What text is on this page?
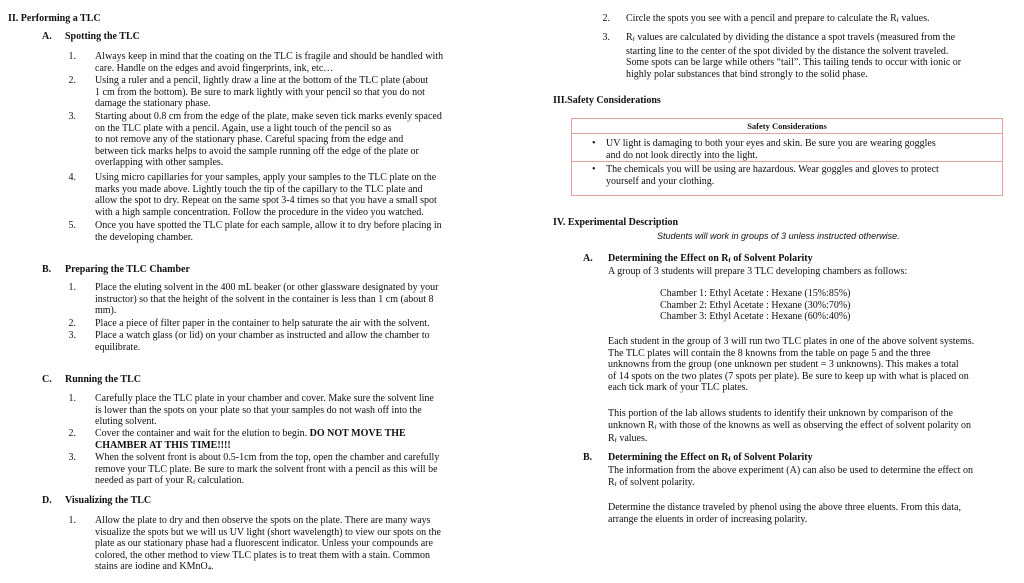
II. Performing a TLC
A. Spotting the TLC
1. Always keep in mind that the coating on the TLC is fragile and should be handled with
care. Handle on the edges and avoid fingerprints, ink, etc…
2. Using a ruler and a pencil, lightly draw a line at the bottom of the TLC plate (about
1 cm from the bottom). Be sure to mark lightly with your pencil so that you do not
damage the stationary phase.
3. Starting about 0.8 cm from the edge of the plate, make seven tick marks evenly spaced
on the TLC plate with a pencil. Again, use a light touch of the pencil so as
to not remove any of the stationary phase. Careful spacing from the edge and
between tick marks helps to avoid the sample running off the edge of the plate or
overlapping with other samples.
4. Using micro capillaries for your samples, apply your samples to the TLC plate on the
marks you made above. Lightly touch the tip of the capillary to the TLC plate and
allow the spot to dry. Repeat on the same spot 3-4 times so that you have a small spot
with a high sample concentration. Follow the procedure in the video you watched.
5. Once you have spotted the TLC plate for each sample, allow it to dry before placing in
the developing chamber.
B. Preparing the TLC Chamber
1. Place the eluting solvent in the 400 mL beaker (or other glassware designated by your
instructor) so that the height of the solvent in the container is less than 1 cm (about 8
mm).
2. Place a piece of filter paper in the container to help saturate the air with the solvent.
3. Place a watch glass (or lid) on your chamber as instructed and allow the chamber to
equilibrate.
C. Running the TLC
1. Carefully place the TLC plate in your chamber and cover. Make sure the solvent line
is lower than the spots on your plate so that your samples do not wash off into the
eluting solvent.
2. Cover the container and wait for the elution to begin. DO NOT MOVE THE
CHAMBER AT THIS TIME!!!!
3. When the solvent front is about 0.5-1cm from the top, open the chamber and carefully
remove your TLC plate. Be sure to mark the solvent front with a pencil as this will be
needed as part of your Rf calculation.
D. Visualizing the TLC
1. Allow the plate to dry and then observe the spots on the plate. There are many ways
visualize the spots but we will us UV light (short wavelength) to view our spots on the
plate as our stationary phase had a fluorescent indicator. Unless your compounds are
colored, the other method to view TLC plates is to treat them with a stain. Common
stains are iodine and KMnO4.
2. Circle the spots you see with a pencil and prepare to calculate the Rf values.
3. Rf values are calculated by dividing the distance a spot travels (measured from the
starting line to the center of the spot divided by the distance the solvent traveled.
Some spots can be large while others “tail”. This tailing tends to occur with ionic or
highly polar substances that bind strongly to the solid phase.
III.Safety Considerations
Safety Considerations
• UV light is damaging to both your eyes and skin. Be sure you are wearing goggles
and do not look directly into the light.
• The chemicals you will be using are hazardous. Wear goggles and gloves to protect
yourself and your clothing.
IV. Experimental Description
Students will work in groups of 3 unless instructed otherwise.
A. Determining the Effect on Rf of Solvent Polarity
A group of 3 students will prepare 3 TLC developing chambers as follows:
Chamber 1: Ethyl Acetate : Hexane (15%:85%)
Chamber 2: Ethyl Acetate : Hexane (30%:70%)
Chamber 3: Ethyl Acetate : Hexane (60%:40%)
Each student in the group of 3 will run two TLC plates in one of the above solvent systems.
The TLC plates will contain the 8 knowns from the table on page 5 and the three
unknowns from the group (one unknown per student = 3 unknowns). This makes a total
of 14 spots on the two plates (7 spots per plate). Be sure to keep up with what is placed on
each tick mark of your TLC plates.
This portion of the lab allows students to identify their unknown by comparison of the
unknown Rf with those of the knowns as well as observing the effect of solvent polarity on
Rf values.
B. Determining the Effect on Rf of Solvent Polarity
The information from the above experiment (A) can also be used to determine the effect on
Rf of solvent polarity.
Determine the distance traveled by phenol using the above three eluents. From this data,
arrange the eluents in order of increasing polarity.
